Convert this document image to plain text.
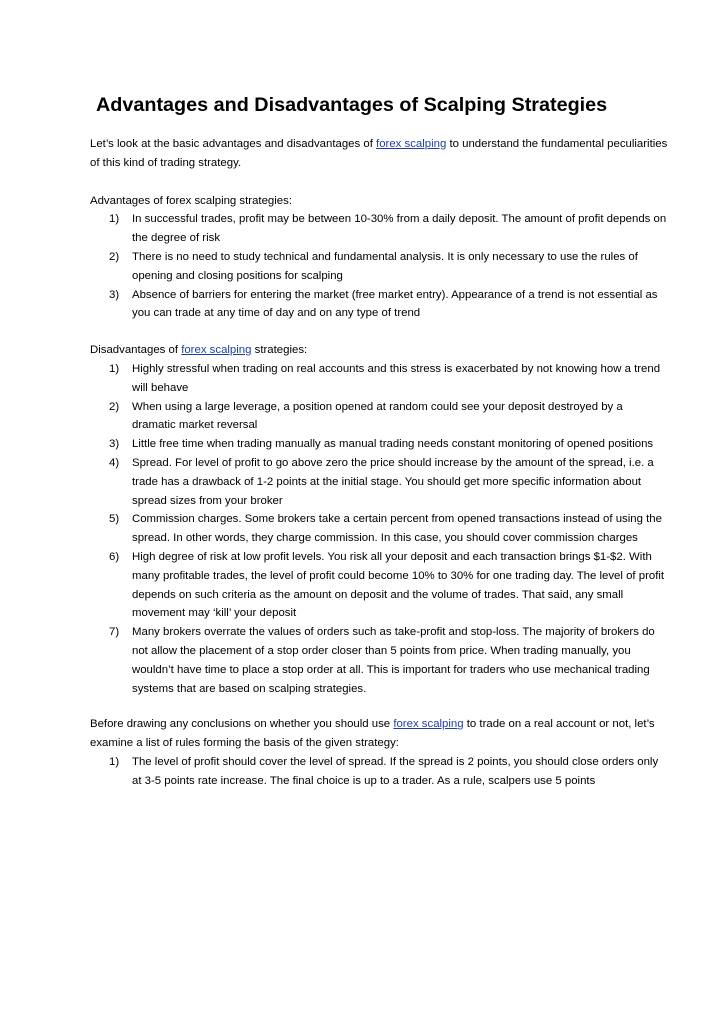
Advantages and Disadvantages of Scalping Strategies

Let’s look at the basic advantages and disadvantages of forex scalping to understand the fundamental peculiarities of this kind of trading strategy.

Advantages of forex scalping strategies:

1) In successful trades, profit may be between 10-30% from a daily deposit. The amount of profit depends on the degree of risk
2) There is no need to study technical and fundamental analysis. It is only necessary to use the rules of opening and closing positions for scalping
3) Absence of barriers for entering the market (free market entry). Appearance of a trend is not essential as you can trade at any time of day and on any type of trend

Disadvantages of forex scalping strategies:

1) Highly stressful when trading on real accounts and this stress is exacerbated by not knowing how a trend will behave
2) When using a large leverage, a position opened at random could see your deposit destroyed by a dramatic market reversal
3) Little free time when trading manually as manual trading needs constant monitoring of opened positions
4) Spread. For level of profit to go above zero the price should increase by the amount of the spread, i.e. a trade has a drawback of 1-2 points at the initial stage. You should get more specific information about spread sizes from your broker
5) Commission charges. Some brokers take a certain percent from opened transactions instead of using the spread. In other words, they charge commission. In this case, you should cover commission charges
6) High degree of risk at low profit levels. You risk all your deposit and each transaction brings $1-$2. With many profitable trades, the level of profit could become 10% to 30% for one trading day. The level of profit depends on such criteria as the amount on deposit and the volume of trades. That said, any small movement may ‘kill’ your deposit
7) Many brokers overrate the values of orders such as take-profit and stop-loss. The majority of brokers do not allow the placement of a stop order closer than 5 points from price. When trading manually, you wouldn’t have time to place a stop order at all. This is important for traders who use mechanical trading systems that are based on scalping strategies.

Before drawing any conclusions on whether you should use forex scalping to trade on a real account or not, let’s examine a list of rules forming the basis of the given strategy:

1) The level of profit should cover the level of spread. If the spread is 2 points, you should close orders only at 3-5 points rate increase. The final choice is up to a trader. As a rule, scalpers use 5 points
